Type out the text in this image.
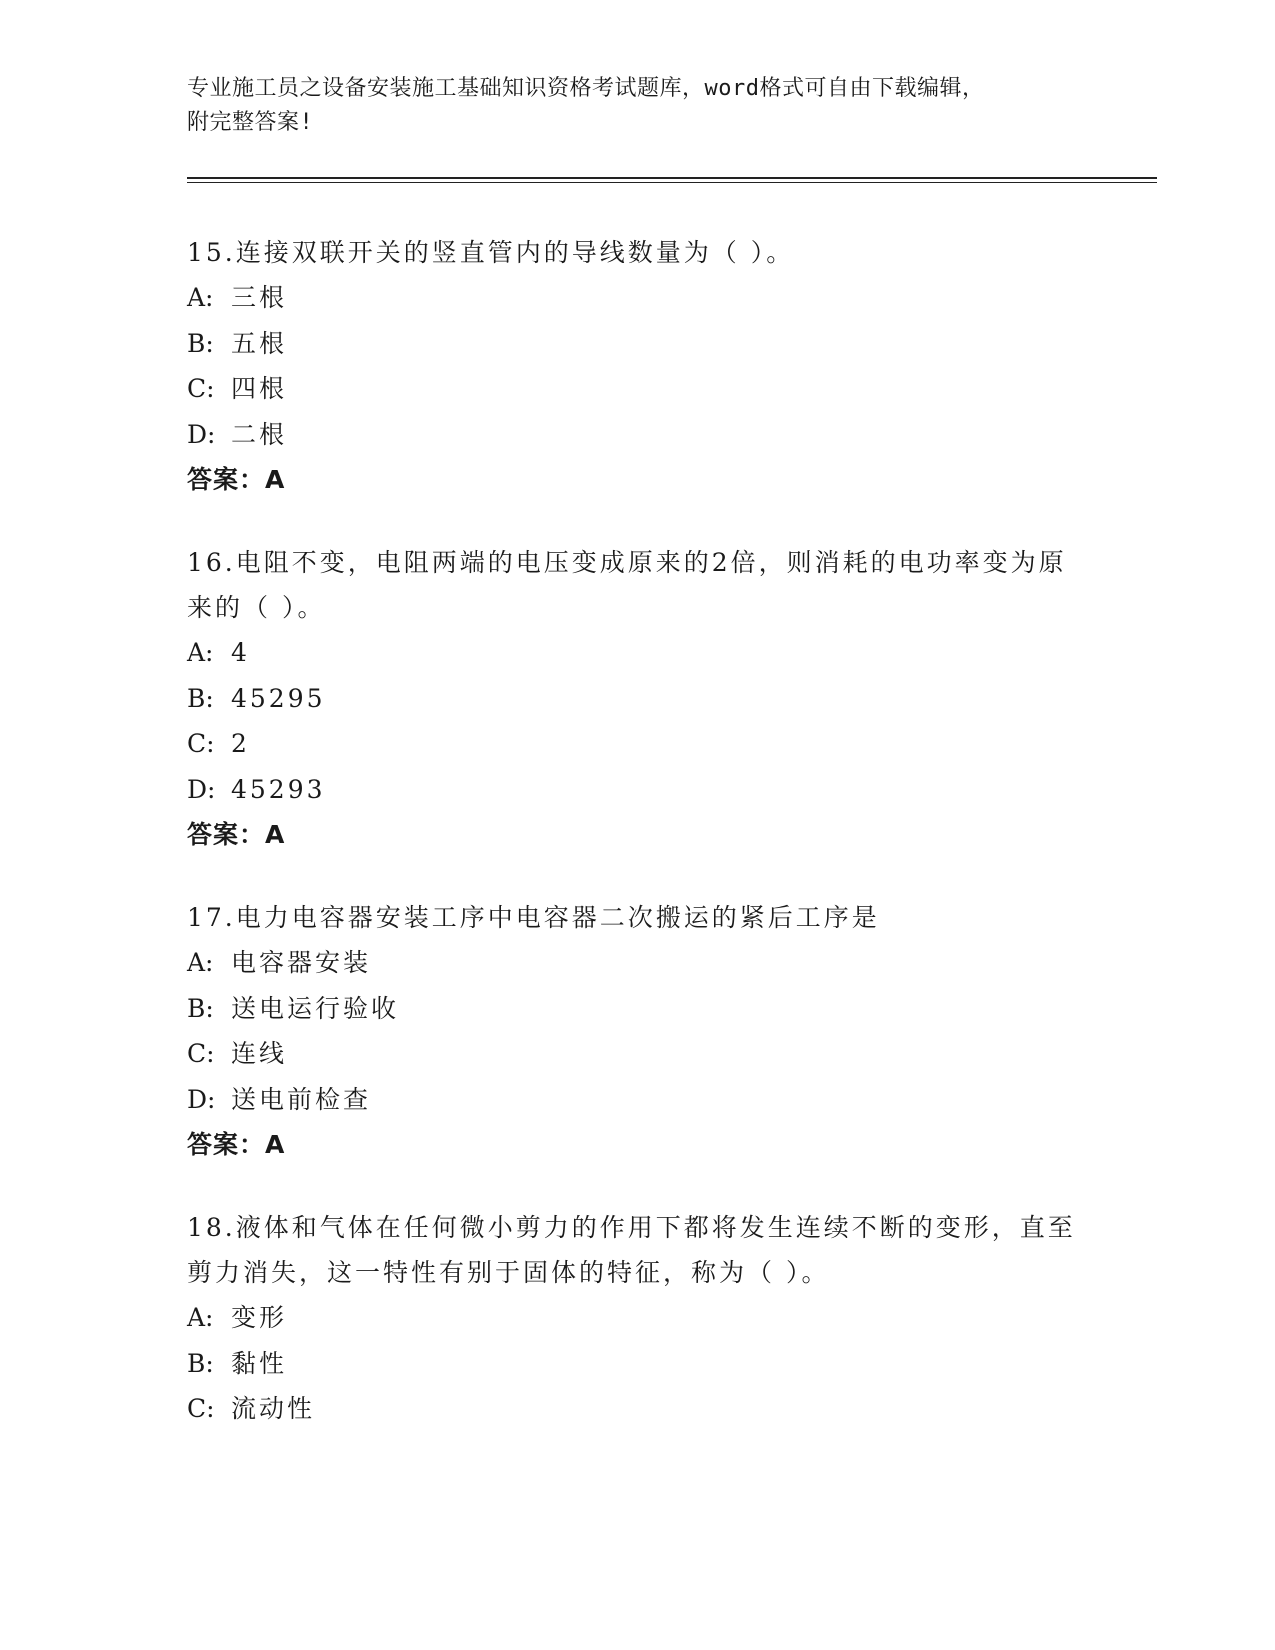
专业施工员之设备安装施工基础知识资格考试题库，word格式可自由下载编辑，
附完整答案!
15.连接双联开关的竖直管内的导线数量为（ ）。
A: 三根
B: 五根
C: 四根
D: 二根
答案：A
16.电阻不变，电阻两端的电压变成原来的2倍，则消耗的电功率变为原来的（ ）。
A: 4
B: 45295
C: 2
D: 45293
答案：A
17.电力电容器安装工序中电容器二次搬运的紧后工序是
A: 电容器安装
B: 送电运行验收
C: 连线
D: 送电前检查
答案：A
18.液体和气体在任何微小剪力的作用下都将发生连续不断的变形，直至剪力消失，这一特性有别于固体的特征，称为（ ）。
A: 变形
B: 黏性
C: 流动性
